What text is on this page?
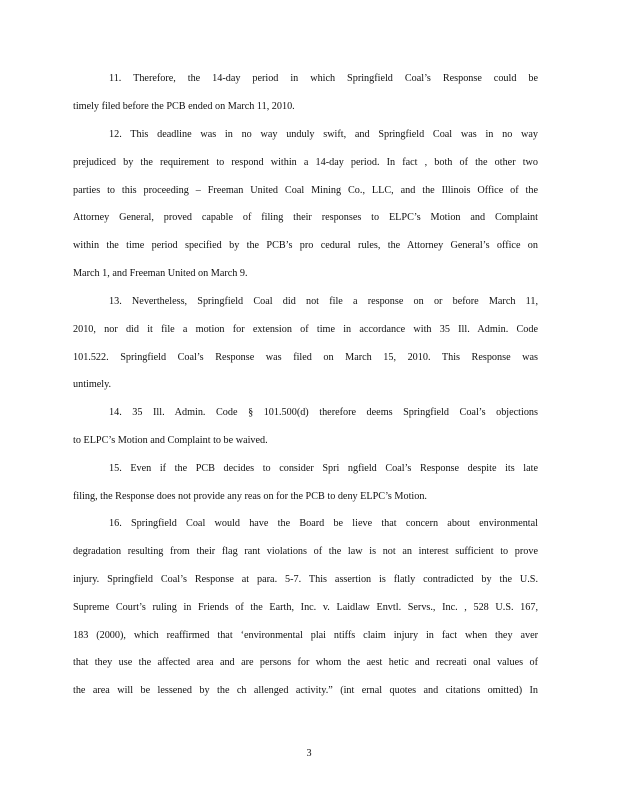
11. Therefore, the 14-day period in which Springfield Coal’s Response could be
timely filed before the PCB ended on March 11, 2010.
12. This deadline was in no way unduly swift, and Springfield Coal was in no way
prejudiced by the requirement to respond within a 14-day period. In fact , both of the other two
parties to this proceeding – Freeman United Coal Mining Co., LLC, and the Illinois Office of the
Attorney General, proved capable of filing their responses to ELPC’s Motion and Complaint
within the time period specified by the PCB’s pro cedural rules, the Attorney General’s office on
March 1, and Freeman United on March 9.
13. Nevertheless, Springfield Coal did not file a response on or before March 11,
2010, nor did it file a motion for extension of time in accordance with 35 Ill. Admin. Code
101.522. Springfield Coal’s Response was filed on March 15, 2010. This Response was
untimely.
14. 35 Ill. Admin. Code § 101.500(d) therefore deems Springfield Coal’s objections
to ELPC’s Motion and Complaint to be waived.
15. Even if the PCB decides to consider Spri ngfield Coal’s Response despite its late
filing, the Response does not provide any reas on for the PCB to deny ELPC’s Motion.
16. Springfield Coal would have the Board be lieve that concern about environmental
degradation resulting from their flag rant violations of the law is not an interest sufficient to prove
injury. Springfield Coal’s Response at para. 5-7. This assertion is flatly contradicted by the U.S.
Supreme Court’s ruling in Friends of the Earth, Inc. v. Laidlaw Envtl. Servs., Inc. , 528 U.S. 167,
183 (2000), which reaffirmed that ‘environmental plai ntiffs claim injury in fact when they aver
that they use the affected area and are persons for whom the aest hetic and recreati onal values of
the area will be lessened by the ch allenged activity.” (int ernal quotes and citations omitted) In
3
